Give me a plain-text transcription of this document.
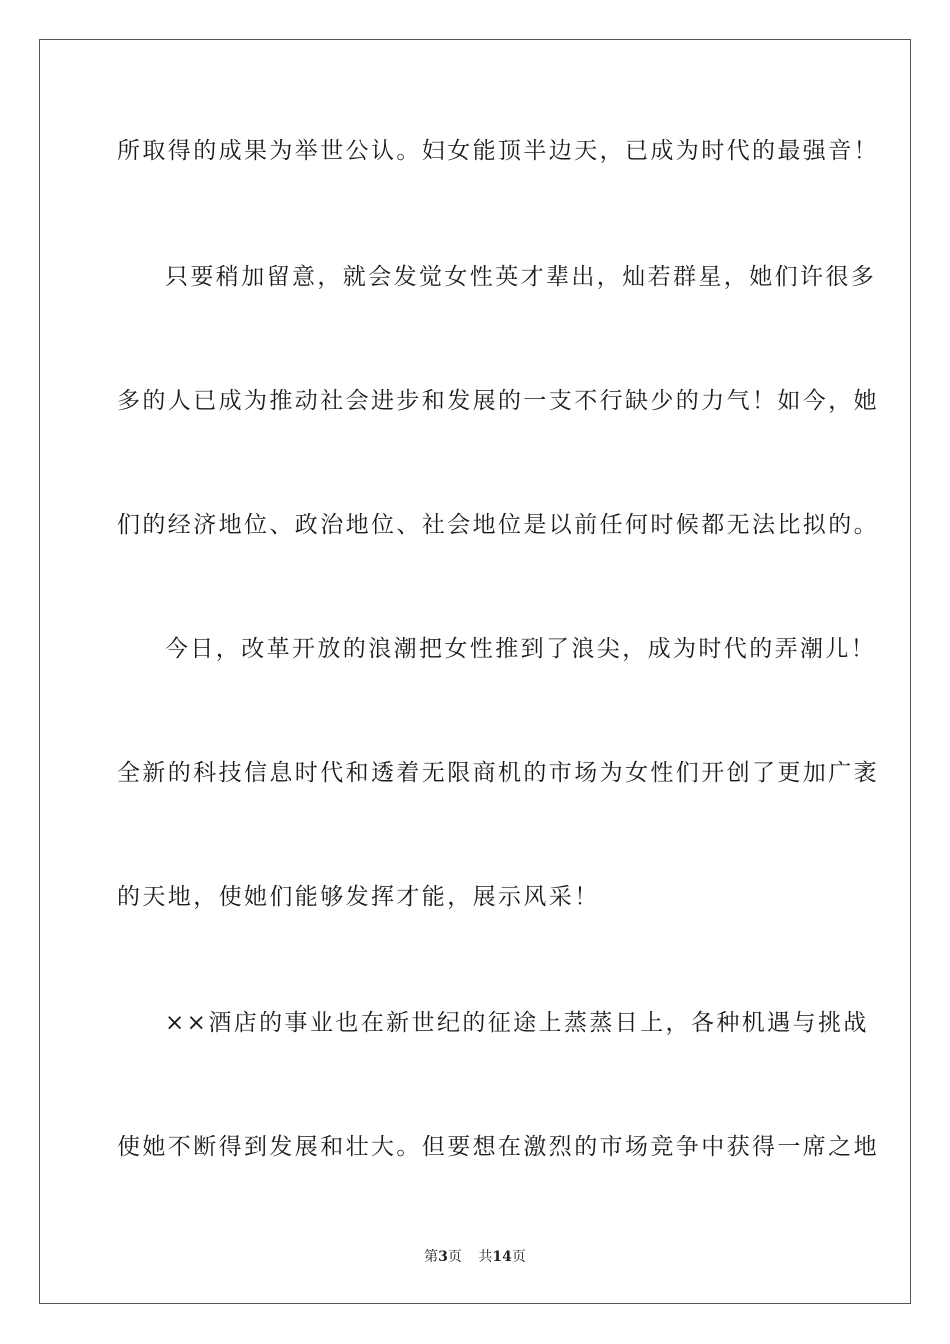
所取得的成果为举世公认。妇女能顶半边天，已成为时代的最强音！
只要稍加留意，就会发觉女性英才辈出，灿若群星，她们许很多
多的人已成为推动社会进步和发展的一支不行缺少的力气！如今，她
们的经济地位、政治地位、社会地位是以前任何时候都无法比拟的。
今日，改革开放的浪潮把女性推到了浪尖，成为时代的弄潮儿！
全新的科技信息时代和透着无限商机的市场为女性们开创了更加广袤
的天地，使她们能够发挥才能，展示风采！
××酒店的事业也在新世纪的征途上蒸蒸日上，各种机遇与挑战
使她不断得到发展和壮大。但要想在激烈的市场竞争中获得一席之地
第3页 共14页
